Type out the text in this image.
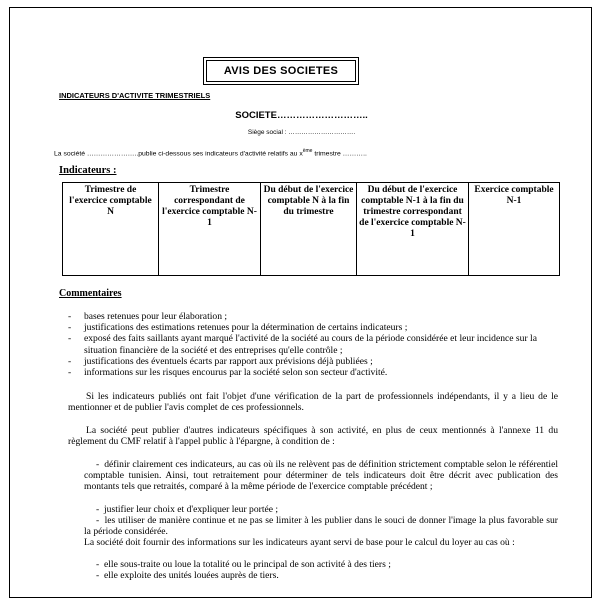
AVIS DES SOCIETES
INDICATEURS D'ACTIVITE TRIMESTRIELS
SOCIETE………………………..
Siège social : ………………………….
La société …………………..publie ci-dessous ses indicateurs d'activité relatifs au $x^{ème}$ trimestre ………..
Indicateurs :
Trimestre de l'exercice comptable N	Trimestre correspondant de l'exercice comptable N-1	Du début de l'exercice comptable N à la fin du trimestre	Du début de l'exercice comptable N-1 à la fin du trimestre correspondant de l'exercice comptable N-1	Exercice comptable N-1
Commentaires
- bases retenues pour leur élaboration ;
- justifications des estimations retenues pour la détermination de certains indicateurs ;
- exposé des faits saillants ayant marqué l'activité de la société au cours de la période considérée et leur incidence sur la situation financière de la société et des entreprises qu'elle contrôle ;
- justifications des éventuels écarts par rapport aux prévisions déjà publiées ;
- informations sur les risques encourus par la société selon son secteur d'activité.
Si les indicateurs publiés ont fait l'objet d'une vérification de la part de professionnels indépendants, il y a lieu de le mentionner et de publier l'avis complet de ces professionnels.
La société peut publier d'autres indicateurs spécifiques à son activité, en plus de ceux mentionnés à l'annexe 11 du règlement du CMF relatif à l'appel public à l'épargne, à condition de :
-  définir clairement ces indicateurs, au cas où ils ne relèvent pas de définition strictement comptable selon le référentiel comptable tunisien. Ainsi, tout retraitement pour déterminer de tels indicateurs doit être décrit avec publication des montants tels que retraités, comparé à la même période de l'exercice comptable précédent ;
-  justifier leur choix et d'expliquer leur portée ;
-  les utiliser de manière continue et ne pas se limiter à les publier dans le souci de donner l'image la plus favorable sur la période considérée.
La société doit fournir des informations sur les indicateurs ayant servi de base pour le calcul du loyer au cas où :
-  elle sous-traite ou loue la totalité ou le principal de son activité à des tiers ;
-  elle exploite des unités louées auprès de tiers.
